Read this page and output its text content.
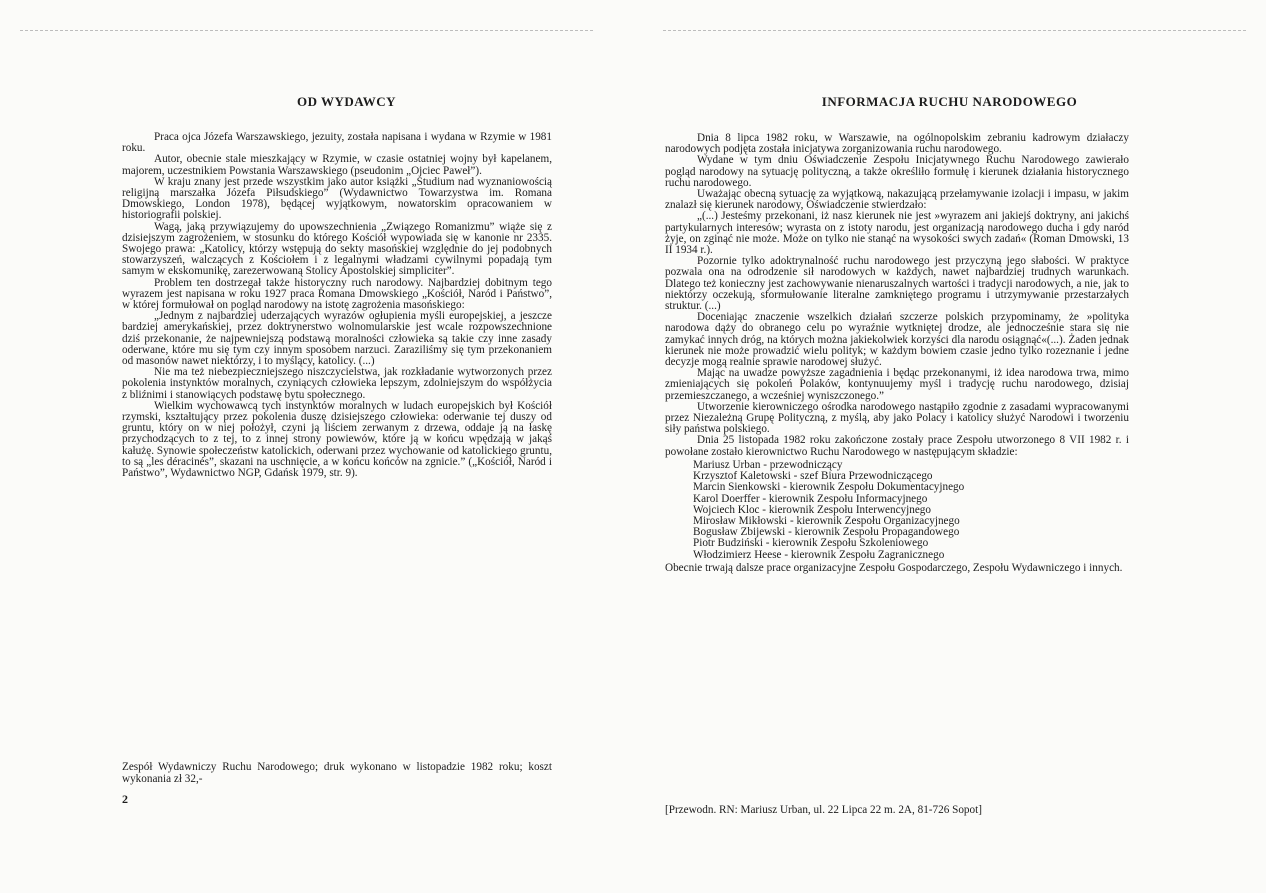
OD WYDAWCY

Praca ojca Józefa Warszawskiego, jezuity, została napisana i wydana w Rzymie w 1981 roku.

Autor, obecnie stale mieszkający w Rzymie, w czasie ostatniej wojny był kapelanem, majorem, uczestnikiem Powstania Warszawskiego (pseudonim „Ojciec Paweł”).

W kraju znany jest przede wszystkim jako autor książki „Studium nad wyznaniowością religijną marszałka Józefa Piłsudskiego” (Wydawnictwo Towarzystwa im. Romana Dmowskiego, London 1978), będącej wyjątkowym, nowatorskim opracowaniem w historiografii polskiej.

Wagą, jaką przywiązujemy do upowszechnienia „Związego Romanizmu” wiąże się z dzisiejszym zagrożeniem, w stosunku do którego Kościół wypowiada się w kanonie nr 2335. Swojego prawa: „Katolicy, którzy wstępują do sekty masońskiej względnie do jej podobnych stowarzyszeń, walczących z Kościołem i z legalnymi władzami cywilnymi popadają tym samym w ekskomunikę, zarezerwowaną Stolicy Apostolskiej simpliciter”.

Problem ten dostrzegał także historyczny ruch narodowy. Najbardziej dobitnym tego wyrazem jest napisana w roku 1927 praca Romana Dmowskiego „Kościół, Naród i Państwo”, w której formułował on pogląd narodowy na istotę zagrożenia masońskiego:

„Jednym z najbardziej uderzających wyrazów ogłupienia myśli europejskiej, a jeszcze bardziej amerykańskiej, przez doktrynerstwo wolnomularskie jest wcale rozpowszechnione dziś przekonanie, że najpewniejszą podstawą moralności człowieka są takie czy inne zasady oderwane, które mu się tym czy innym sposobem narzuci. Zaraziliśmy się tym przekonaniem od masonów nawet niektórzy, i to myślący, katolicy. (...)

Nie ma też niebezpieczniejszego niszczycielstwa, jak rozkładanie wytworzonych przez pokolenia instynktów moralnych, czyniących człowieka lepszym, zdolniejszym do współżycia z bliźnimi i stanowiących podstawę bytu społecznego.

Wielkim wychowawcą tych instynktów moralnych w ludach europejskich był Kościół rzymski, kształtujący przez pokolenia duszę dzisiejszego człowieka: oderwanie tej duszy od gruntu, który on w niej położył, czyni ją liściem zerwanym z drzewa, oddaje ją na łaskę przychodzących to z tej, to z innej strony powiewów, które ją w końcu wpędzają w jakąś kałużę. Synowie społeczeństw katolickich, oderwani przez wychowanie od katolickiego gruntu, to są „les déracinés”, skazani na uschnięcie, a w końcu końców na zgnicie.” („Kościół, Naród i Państwo”, Wydawnictwo NGP, Gdańsk 1979, str. 9).

Zespół Wydawniczy Ruchu Narodowego; druk wykonano w listopadzie 1982 roku; koszt wykonania zł 32,-
2
INFORMACJA RUCHU NARODOWEGO

Dnia 8 lipca 1982 roku, w Warszawie, na ogólnopolskim zebraniu kadrowym działaczy narodowych podjęta została inicjatywa zorganizowania ruchu narodowego.

Wydane w tym dniu Oświadczenie Zespołu Inicjatywnego Ruchu Narodowego zawierało pogląd narodowy na sytuację polityczną, a także określiło formułę i kierunek działania historycznego ruchu narodowego.

Uważając obecną sytuację za wyjątkową, nakazującą przełamywanie izolacji i impasu, w jakim znalazł się kierunek narodowy, Oświadczenie stwierdzało:

„(...) Jesteśmy przekonani, iż nasz kierunek nie jest »wyrazem ani jakiejś doktryny, ani jakichś partykularnych interesów; wyrasta on z istoty narodu, jest organizacją narodowego ducha i gdy naród żyje, on zginąć nie może. Może on tylko nie stanąć na wysokości swych zadań« (Roman Dmowski, 13 II 1934 r.).

Pozornie tylko adoktrynalność ruchu narodowego jest przyczyną jego słabości. W praktyce pozwala ona na odrodzenie sił narodowych w każdych, nawet najbardziej trudnych warunkach. Dlatego też konieczny jest zachowywanie nienaruszalnych wartości i tradycji narodowych, a nie, jak to niektórzy oczekują, sformułowanie literalne zamkniętego programu i utrzymywanie przestarzałych struktur. (...)

Doceniając znaczenie wszelkich działań szczerze polskich przypominamy, że »polityka narodowa dąży do obranego celu po wyraźnie wytkniętej drodze, ale jednocześnie stara się nie zamykać innych dróg, na których można jakiekolwiek korzyści dla narodu osiągnąć«(...). Żaden jednak kierunek nie może prowadzić wielu polityk; w każdym bowiem czasie jedno tylko rozeznanie i jedne decyzje mogą realnie sprawie narodowej służyć.

Mając na uwadze powyższe zagadnienia i będąc przekonanymi, iż idea narodowa trwa, mimo zmieniających się pokoleń Polaków, kontynuujemy myśl i tradycję ruchu narodowego, dzisiaj przemieszczanego, a wcześniej wyniszczonego.”

Utworzenie kierowniczego ośrodka narodowego nastąpiło zgodnie z zasadami wypracowanymi przez Niezależną Grupę Polityczną, z myślą, aby jako Polacy i katolicy służyć Narodowi i tworzeniu siły państwa polskiego.

Dnia 25 listopada 1982 roku zakończone zostały prace Zespołu utworzonego 8 VII 1982 r. i powołane zostało kierownictwo Ruchu Narodowego w następującym składzie:

Mariusz Urban - przewodniczący
Krzysztof Kaletowski - szef Biura Przewodniczącego
Marcin Sienkowski - kierownik Zespołu Dokumentacyjnego
Karol Doerffer - kierownik Zespołu Informacyjnego
Wojciech Kloc - kierownik Zespołu Interwencyjnego
Mirosław Mikłowski - kierownik Zespołu Organizacyjnego
Bogusław Zbijewski - kierownik Zespołu Propagandowego
Piotr Budziński - kierownik Zespołu Szkoleniowego
Włodzimierz Heese - kierownik Zespołu Zagranicznego

Obecnie trwają dalsze prace organizacyjne Zespołu Gospodarczego, Zespołu Wydawniczego i innych.

[Przewodn. RN: Mariusz Urban, ul. 22 Lipca 22 m. 2A, 81-726 Sopot]
